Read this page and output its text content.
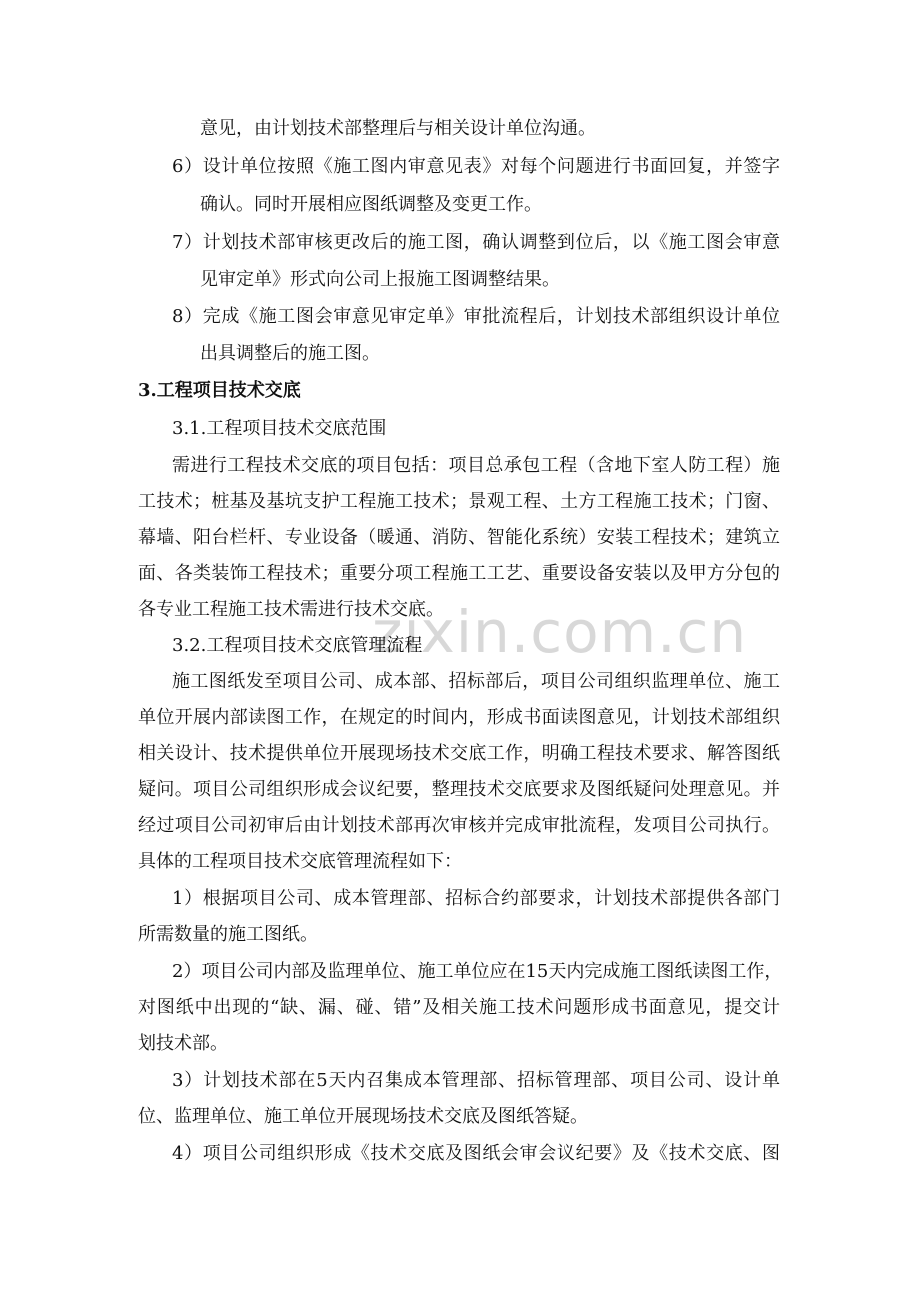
zixin.com.cn
意见，由计划技术部整理后与相关设计单位沟通。
6）设计单位按照《施工图内审意见表》对每个问题进行书面回复，并签字
确认。同时开展相应图纸调整及变更工作。
7）计划技术部审核更改后的施工图，确认调整到位后，以《施工图会审意
见审定单》形式向公司上报施工图调整结果。
8）完成《施工图会审意见审定单》审批流程后，计划技术部组织设计单位
出具调整后的施工图。
3.工程项目技术交底
3.1.工程项目技术交底范围
需进行工程技术交底的项目包括：项目总承包工程（含地下室人防工程）施
工技术；桩基及基坑支护工程施工技术；景观工程、土方工程施工技术；门窗、
幕墙、阳台栏杆、专业设备（暖通、消防、智能化系统）安装工程技术；建筑立
面、各类装饰工程技术；重要分项工程施工工艺、重要设备安装以及甲方分包的
各专业工程施工技术需进行技术交底。
3.2.工程项目技术交底管理流程
施工图纸发至项目公司、成本部、招标部后，项目公司组织监理单位、施工
单位开展内部读图工作，在规定的时间内，形成书面读图意见，计划技术部组织
相关设计、技术提供单位开展现场技术交底工作，明确工程技术要求、解答图纸
疑问。项目公司组织形成会议纪要，整理技术交底要求及图纸疑问处理意见。并
经过项目公司初审后由计划技术部再次审核并完成审批流程，发项目公司执行。
具体的工程项目技术交底管理流程如下：
1）根据项目公司、成本管理部、招标合约部要求，计划技术部提供各部门
所需数量的施工图纸。
2）项目公司内部及监理单位、施工单位应在15天内完成施工图纸读图工作，
对图纸中出现的“缺、漏、碰、错”及相关施工技术问题形成书面意见，提交计
划技术部。
3）计划技术部在5天内召集成本管理部、招标管理部、项目公司、设计单
位、监理单位、施工单位开展现场技术交底及图纸答疑。
4）项目公司组织形成《技术交底及图纸会审会议纪要》及《技术交底、图
